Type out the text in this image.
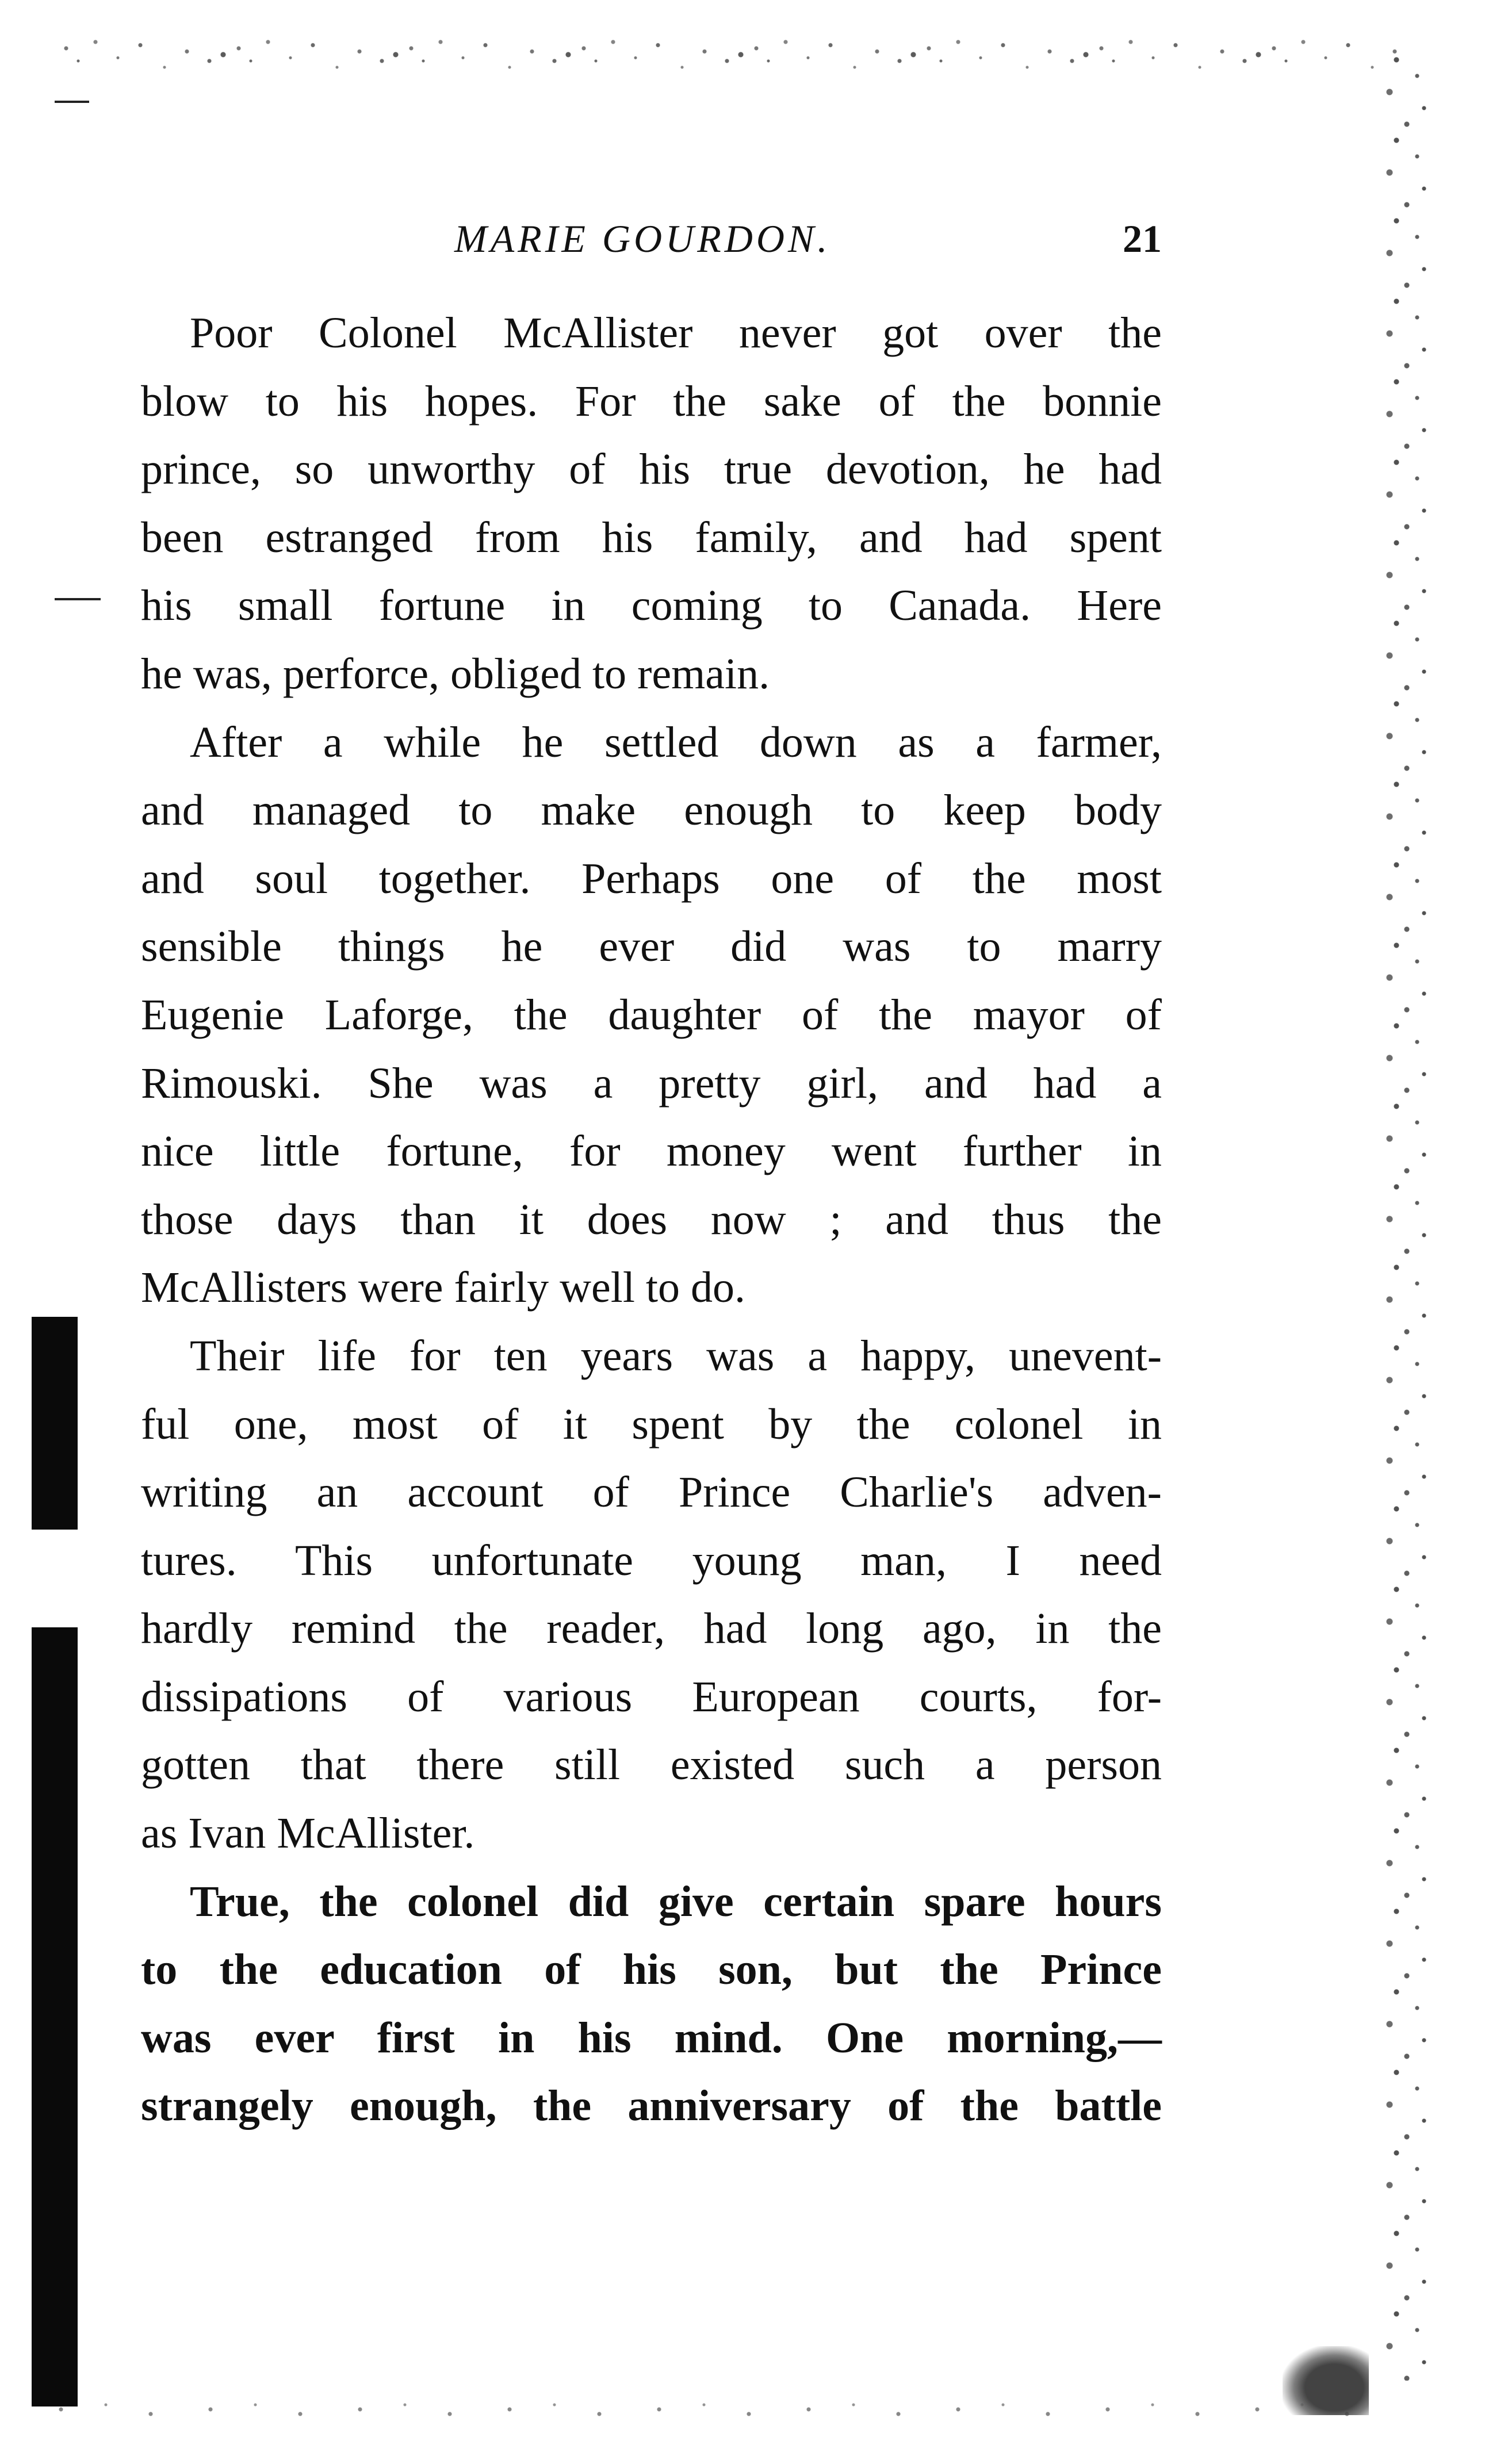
MARIE GOURDON.	21

Poor Colonel McAllister never got over the
blow to his hopes. For the sake of the bonnie
prince, so unworthy of his true devotion, he had
been estranged from his family, and had spent
his small fortune in coming to Canada. Here
he was, perforce, obliged to remain.

After a while he settled down as a farmer,
and managed to make enough to keep body
and soul together. Perhaps one of the most
sensible things he ever did was to marry
Eugenie Laforge, the daughter of the mayor of
Rimouski. She was a pretty girl, and had a
nice little fortune, for money went further in
those days than it does now ; and thus the
McAllisters were fairly well to do.

Their life for ten years was a happy, unevent-
ful one, most of it spent by the colonel in
writing an account of Prince Charlie's adven-
tures. This unfortunate young man, I need
hardly remind the reader, had long ago, in the
dissipations of various European courts, for-
gotten that there still existed such a person
as Ivan McAllister.

True, the colonel did give certain spare hours
to the education of his son, but the Prince
was ever first in his mind. One morning,—
strangely enough, the anniversary of the battle
